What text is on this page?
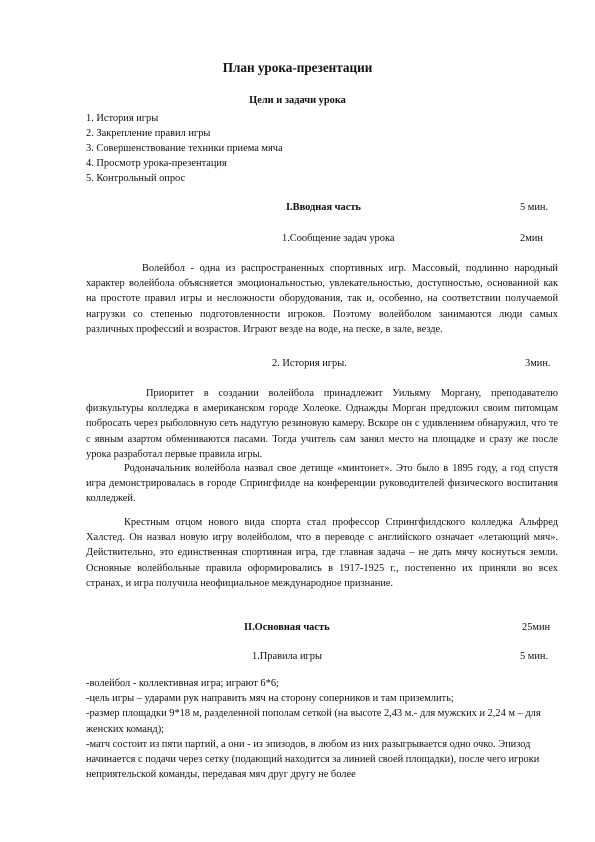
План урока-презентации
Цели и задачи урока
1. История игры
2. Закрепление правил игры
3. Совершенствование техники приема мяча
4. Просмотр урока-презентация
5. Контрольный опрос
I.Вводная часть	5 мин.
1.Сообщение задач урока	2мин

Волейбол - одна из распространенных спортивных игр. Массовый, подлинно народный характер волейбола объясняется эмоциональностью, увлекательностью, доступностью, основанной как на простоте правил игры и несложности оборудования, так и, особенно, на соответствии получаемой нагрузки со степенью подготовленности игроков. Поэтому волейболом занимаются люди самых различных профессий и возрастов. Играют везде на воде, на песке, в зале, везде.

2. История игры.	3мин.

Приоритет в создании волейбола принадлежит Уильяму Моргану, преподавателю физкультуры колледжа в американском городе Холеоке. Однажды Морган предложил своим питомцам побросать через рыболовную сеть надутую резиновую камеру. Вскоре он с удивлением обнаружил, что те с явным азартом обмениваются пасами. Тогда учитель сам занял место на площадке и сразу же после урока разработал первые правила игры.

Родоначальник волейбола назвал свое детище «минтонет». Это было в 1895 году, а год спустя игра демонстрировалась в городе Спрингфилде на конференции руководителей физического воспитания колледжей.

Крестным отцом нового вида спорта стал профессор Спрингфилдского колледжа Альфред Халстед. Он назвал новую игру волейболом, что в переводе с английского означает «летающий мяч». Действительно, это единственная спортивная игра, где главная задача – не дать мячу коснуться земли. Основные волейбольные правила оформировались в 1917-1925 г., постепенно их приняли во всех странах, и игра получила неофициальное международное признание.

II.Основная часть	25мин
1.Правила игры	5 мин.
-волейбол - коллективная игра; играют 6*6;
-цель игры – ударами рук направить мяч на сторону соперников и там приземлить;
-размер площадки 9*18 м, разделенной пополам сеткой (на высоте 2,43 м.- для мужских и 2,24 м – для женских команд);
-матч состоит из пяти партий, а они - из эпизодов, в любом из них разыгрывается одно очко. Эпизод начинается с подачи через сетку (подающий находится за линией своей площадки), после чего игроки неприятельской команды, передавая мяч друг другу не более
